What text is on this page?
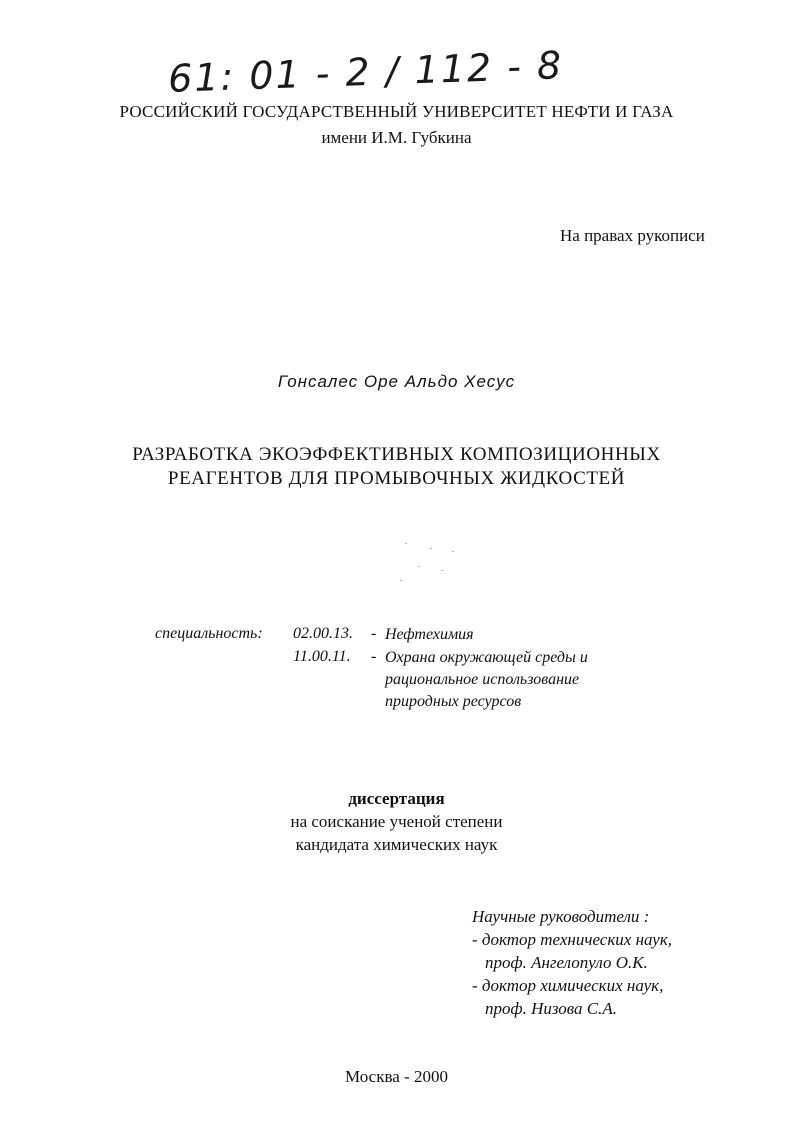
61: 01 - 2 / 112 - 8
РОССИЙСКИЙ ГОСУДАРСТВЕННЫЙ УНИВЕРСИТЕТ НЕФТИ И ГАЗА
имени И.М. Губкина
На правах рукописи
Гонсалес Оре Альдо Хесус
РАЗРАБОТКА ЭКОЭФФЕКТИВНЫХ КОМПОЗИЦИОННЫХ
РЕАГЕНТОВ ДЛЯ ПРОМЫВОЧНЫХ ЖИДКОСТЕЙ
специальность: 02.00.13. - Нефтехимия
11.00.11. - Охрана окружающей среды и
рациональное использование
природных ресурсов
диссертация
на соискание ученой степени
кандидата химических наук
Научные руководители :
- доктор технических наук,
проф. Ангелопуло О.К.
- доктор химических наук,
проф. Низова С.А.
Москва - 2000
